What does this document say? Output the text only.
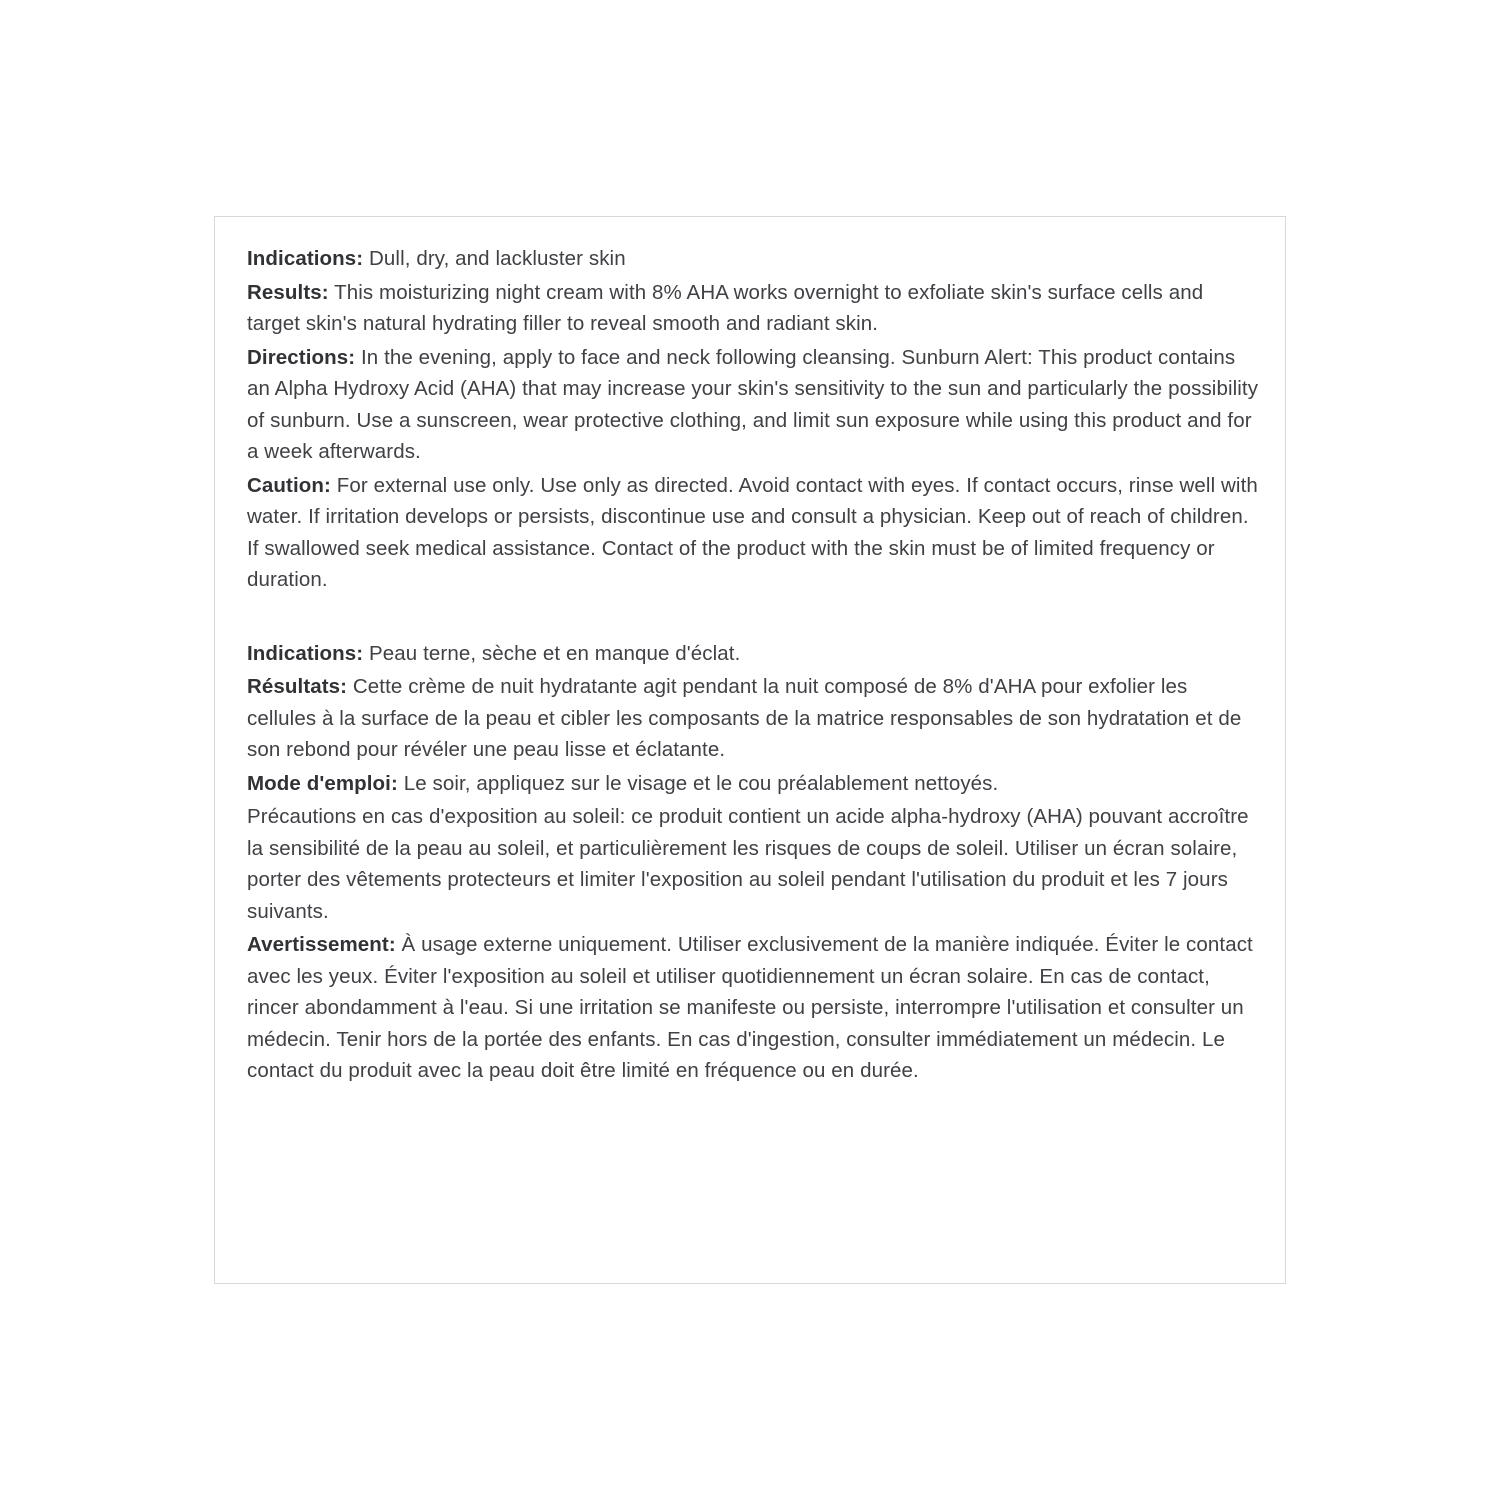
Indications: Dull, dry, and lackluster skin

Results: This moisturizing night cream with 8% AHA works overnight to exfoliate skin's surface cells and target skin's natural hydrating filler to reveal smooth and radiant skin.

Directions: In the evening, apply to face and neck following cleansing. Sunburn Alert: This product contains an Alpha Hydroxy Acid (AHA) that may increase your skin's sensitivity to the sun and particularly the possibility of sunburn. Use a sunscreen, wear protective clothing, and limit sun exposure while using this product and for a week afterwards.

Caution: For external use only. Use only as directed. Avoid contact with eyes. If contact occurs, rinse well with water. If irritation develops or persists, discontinue use and consult a physician. Keep out of reach of children. If swallowed seek medical assistance. Contact of the product with the skin must be of limited frequency or duration.

Indications: Peau terne, sèche et en manque d'éclat.

Résultats: Cette crème de nuit hydratante agit pendant la nuit composé de 8% d'AHA pour exfolier les cellules à la surface de la peau et cibler les composants de la matrice responsables de son hydratation et de son rebond pour révéler une peau lisse et éclatante.

Mode d'emploi: Le soir, appliquez sur le visage et le cou préalablement nettoyés.

Précautions en cas d'exposition au soleil: ce produit contient un acide alpha-hydroxy (AHA) pouvant accroître la sensibilité de la peau au soleil, et particulièrement les risques de coups de soleil. Utiliser un écran solaire, porter des vêtements protecteurs et limiter l'exposition au soleil pendant l'utilisation du produit et les 7 jours suivants.

Avertissement: À usage externe uniquement. Utiliser exclusivement de la manière indiquée. Éviter le contact avec les yeux. Éviter l'exposition au soleil et utiliser quotidiennement un écran solaire. En cas de contact, rincer abondamment à l'eau. Si une irritation se manifeste ou persiste, interrompre l'utilisation et consulter un médecin. Tenir hors de la portée des enfants. En cas d'ingestion, consulter immédiatement un médecin. Le contact du produit avec la peau doit être limité en fréquence ou en durée.
